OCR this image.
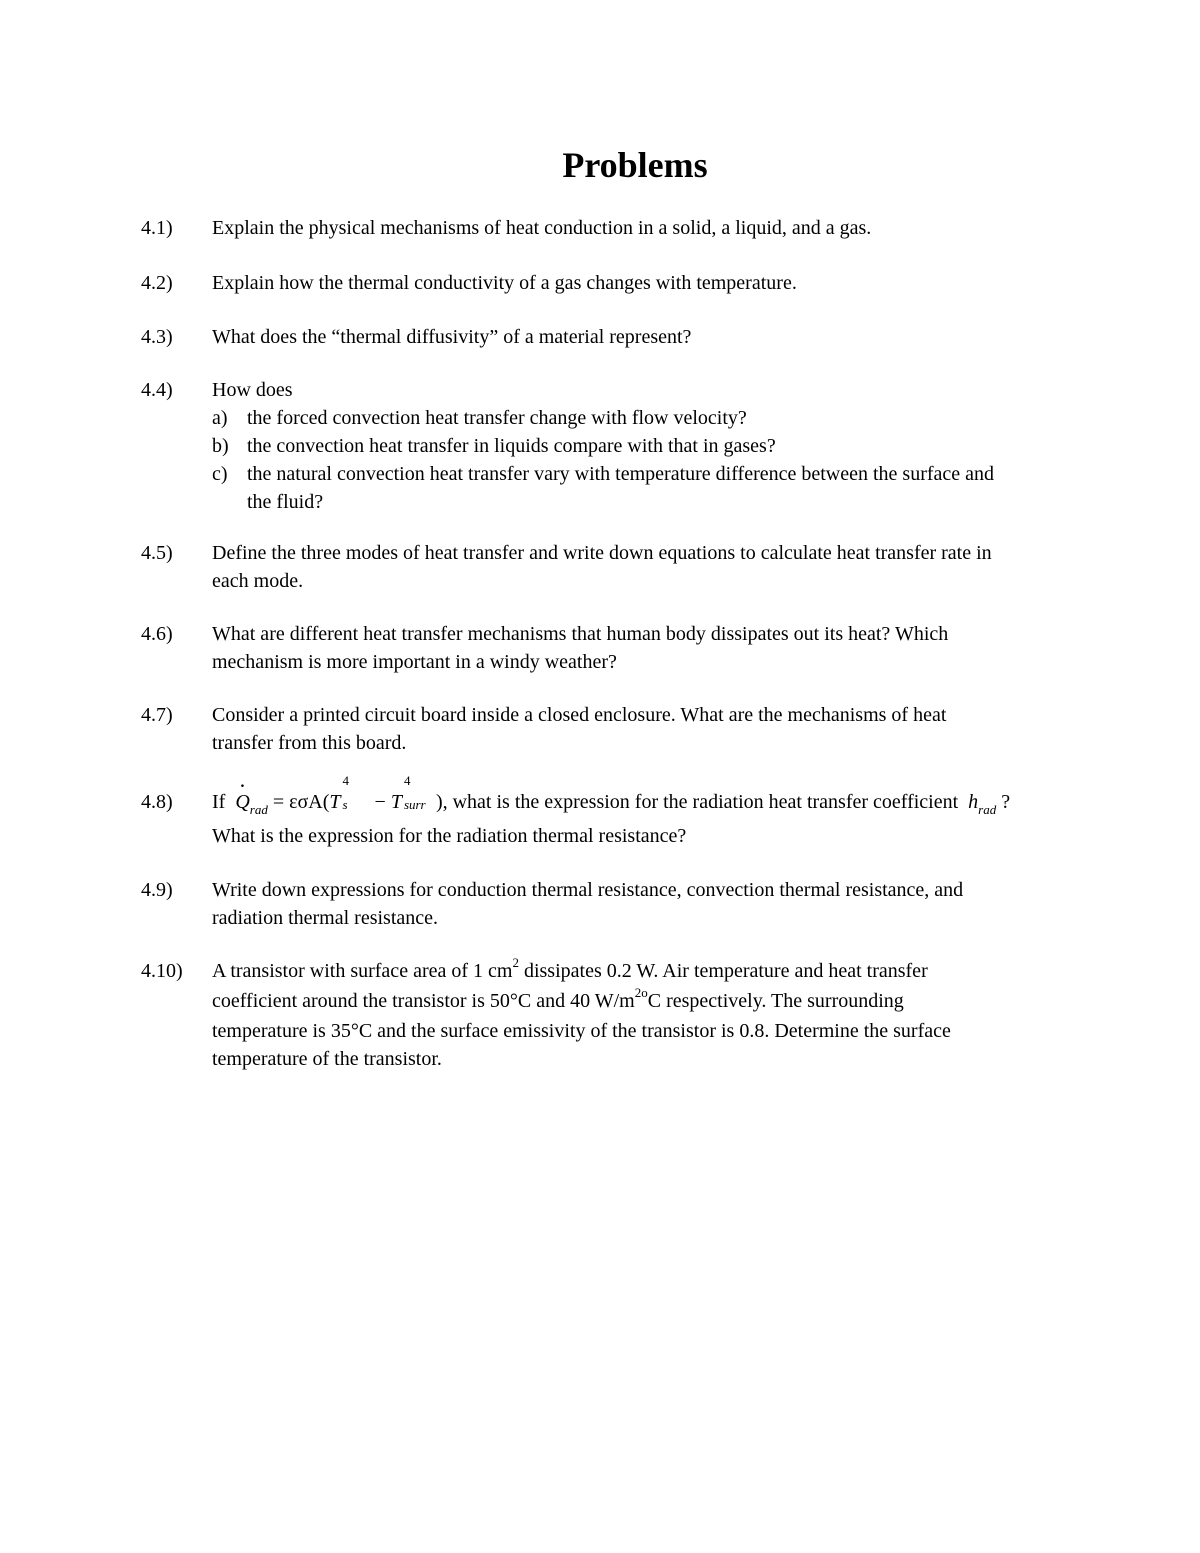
Problems
4.1) Explain the physical mechanisms of heat conduction in a solid, a liquid, and a gas.
4.2) Explain how the thermal conductivity of a gas changes with temperature.
4.3) What does the “thermal diffusivity” of a material represent?
4.4) How does
a) the forced convection heat transfer change with flow velocity?
b) the convection heat transfer in liquids compare with that in gases?
c) the natural convection heat transfer vary with temperature difference between the surface and
the fluid?
4.5) Define the three modes of heat transfer and write down equations to calculate heat transfer rate in
each mode.
4.6) What are different heat transfer mechanisms that human body dissipates out its heat? Which
mechanism is more important in a windy weather?
4.7) Consider a printed circuit board inside a closed enclosure. What are the mechanisms of heat
transfer from this board.
4.8) $If \cdot Q_{rad} = \varepsilon\sigma A(T$
4
s − T
4
surr ), what is the expression for the radiation heat transfer coefficient $h_{rad}$ ?
What is the expression for the radiation thermal resistance?
4.9) Write down expressions for conduction thermal resistance, convection thermal resistance, and
radiation thermal resistance.
4.10) A transistor with surface area of 1 $cm^2$ dissipates 0.2 W. Air temperature and heat transfer
coefficient around the transistor is 50°C and 40 $W/m^{2o}C$ respectively. The surrounding
temperature is 35°C and the surface emissivity of the transistor is 0.8. Determine the surface
temperature of the transistor.
